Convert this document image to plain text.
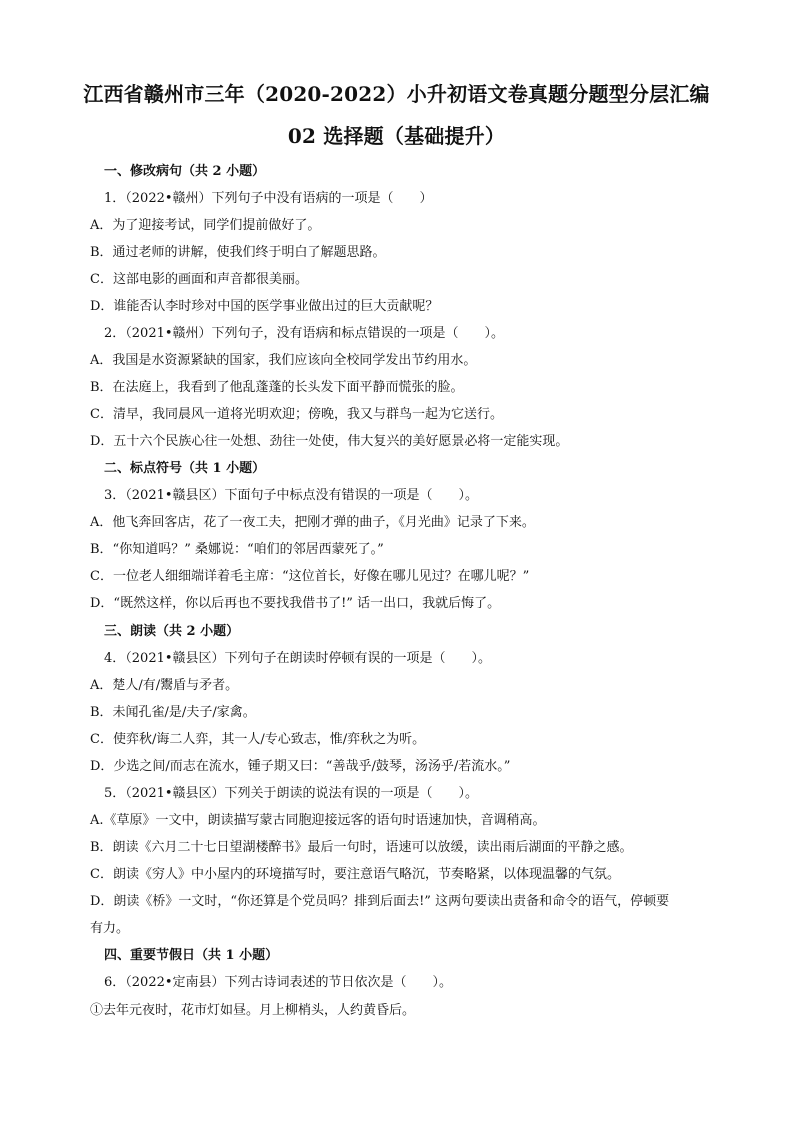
江西省赣州市三年（2020-2022）小升初语文卷真题分题型分层汇编
02 选择题（基础提升）
一、修改病句（共 2 小题）
1．（2022•赣州）下列句子中没有语病的一项是（　　）
A．为了迎接考试，同学们提前做好了。
B．通过老师的讲解，使我们终于明白了解题思路。
C．这部电影的画面和声音都很美丽。
D．谁能否认李时珍对中国的医学事业做出过的巨大贡献呢？
2．（2021•赣州）下列句子，没有语病和标点错误的一项是（　　）。
A．我国是水资源紧缺的国家，我们应该向全校同学发出节约用水。
B．在法庭上，我看到了他乱蓬蓬的长头发下面平静而慌张的脸。
C．清早，我同晨风一道将光明欢迎；傍晚，我又与群鸟一起为它送行。
D．五十六个民族心往一处想、劲往一处使，伟大复兴的美好愿景必将一定能实现。
二、标点符号（共 1 小题）
3．（2021•赣县区）下面句子中标点没有错误的一项是（　　）。
A．他飞奔回客店，花了一夜工夫，把刚才弹的曲子，《月光曲》记录了下来。
B．“你知道吗？” 桑娜说：“咱们的邻居西蒙死了。”
C．一位老人细细端详着毛主席：“这位首长，好像在哪儿见过？在哪儿呢？”
D．“既然这样，你以后再也不要找我借书了!” 话一出口，我就后悔了。
三、朗读（共 2 小题）
4．（2021•赣县区）下列句子在朗读时停顿有误的一项是（　　）。
A．楚人/有/鬻盾与矛者。
B．未闻孔雀/是/夫子/家禽。
C．使弈秋/诲二人弈，其一人/专心致志，惟/弈秋之为听。
D．少选之间/而志在流水，锺子期又曰：“善哉乎/鼓琴，汤汤乎/若流水。”
5．（2021•赣县区）下列关于朗读的说法有误的一项是（　　）。
A.《草原》一文中，朗读描写蒙古同胞迎接远客的语句时语速加快，音调稍高。
B．朗读《六月二十七日望湖楼醉书》最后一句时，语速可以放缓，读出雨后湖面的平静之感。
C．朗读《穷人》中小屋内的环境描写时，要注意语气略沉，节奏略紧，以体现温馨的气氛。
D．朗读《桥》一文时，“你还算是个党员吗？排到后面去!” 这两句要读出责备和命令的语气，停顿要
有力。
四、重要节假日（共 1 小题）
6．（2022•定南县）下列古诗词表述的节日依次是（　　）。
①去年元夜时，花市灯如昼。月上柳梢头，人约黄昏后。
